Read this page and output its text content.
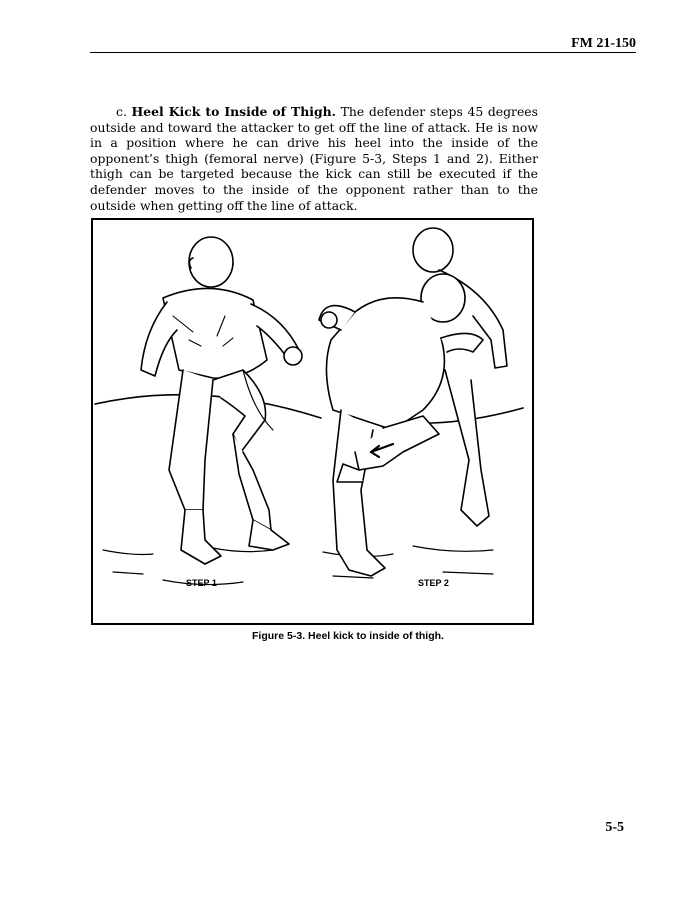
FM 21-150
c. Heel Kick to Inside of Thigh. The defender steps 45 degrees outside and toward the attacker to get off the line of attack. He is now in a position where he can drive his heel into the inside of the opponent’s thigh (femoral nerve) (Figure 5-3, Steps 1 and 2). Either thigh can be targeted because the kick can still be executed if the defender moves to the inside of the opponent rather than to the outside when getting off the line of attack.
STEP 1	STEP 2
Figure 5-3. Heel kick to inside of thigh.
5-5
